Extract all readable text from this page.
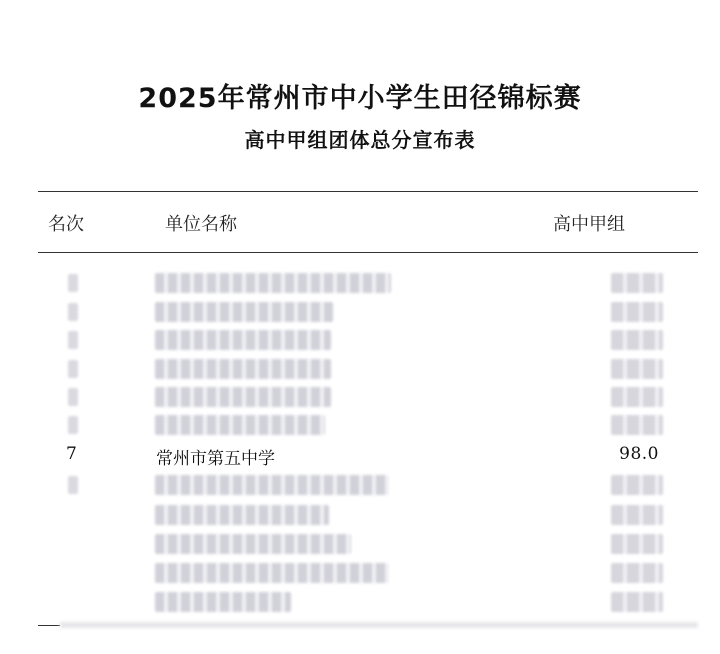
2025年常州市中小学生田径锦标赛
高中甲组团体总分宣布表
名次	单位名称	高中甲组
7	常州市第五中学	98.0
